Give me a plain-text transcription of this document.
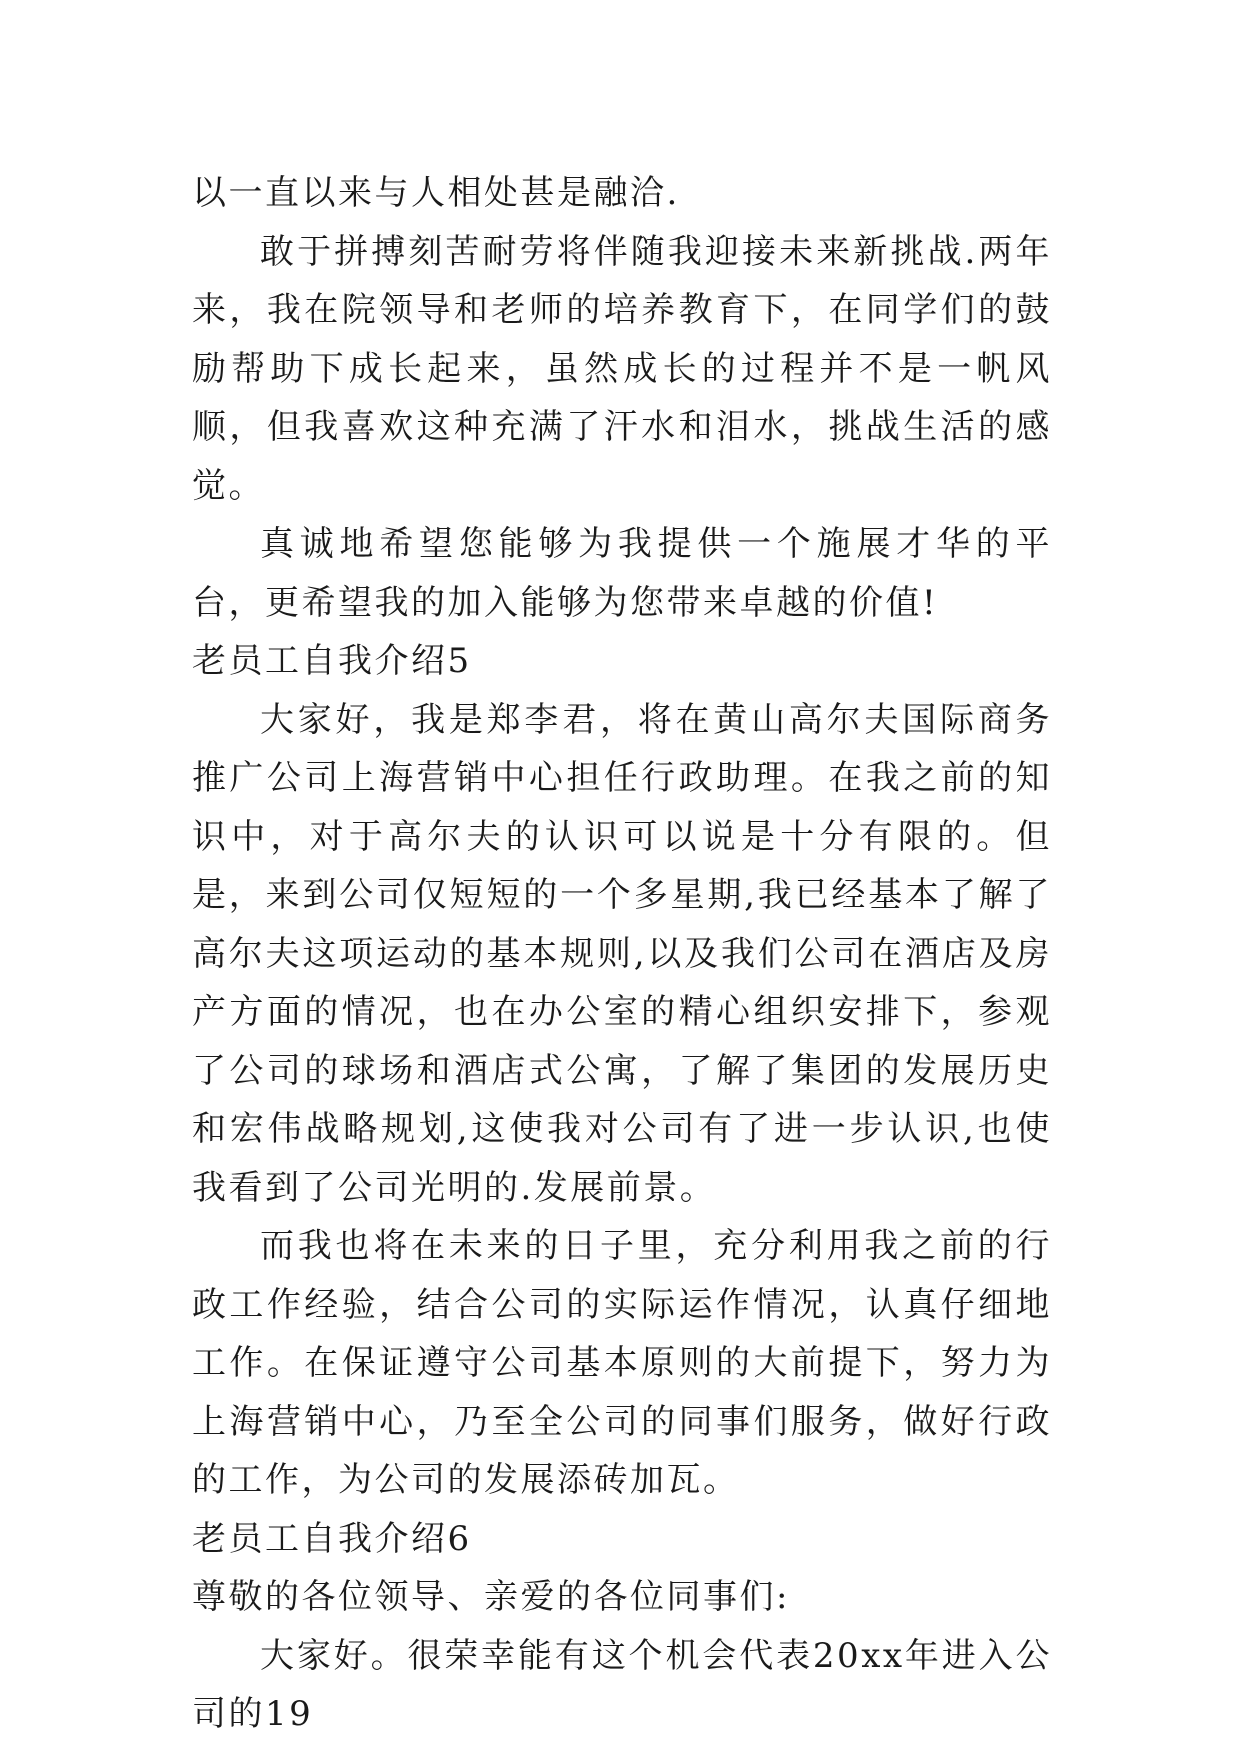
以一直以来与人相处甚是融洽.

敢于拼搏刻苦耐劳将伴随我迎接未来新挑战.两年来，我在院领导和老师的培养教育下，在同学们的鼓励帮助下成长起来，虽然成长的过程并不是一帆风顺，但我喜欢这种充满了汗水和泪水，挑战生活的感觉。

真诚地希望您能够为我提供一个施展才华的平台，更希望我的加入能够为您带来卓越的价值!

老员工自我介绍5

大家好，我是郑李君，将在黄山高尔夫国际商务推广公司上海营销中心担任行政助理。在我之前的知识中，对于高尔夫的认识可以说是十分有限的。但是，来到公司仅短短的一个多星期,我已经基本了解了高尔夫这项运动的基本规则,以及我们公司在酒店及房产方面的情况，也在办公室的精心组织安排下，参观了公司的球场和酒店式公寓，了解了集团的发展历史和宏伟战略规划,这使我对公司有了进一步认识,也使我看到了公司光明的.发展前景。

而我也将在未来的日子里，充分利用我之前的行政工作经验，结合公司的实际运作情况，认真仔细地工作。在保证遵守公司基本原则的大前提下，努力为上海营销中心，乃至全公司的同事们服务，做好行政的工作，为公司的发展添砖加瓦。

老员工自我介绍6

尊敬的各位领导、亲爱的各位同事们:

大家好。很荣幸能有这个机会代表20xx年进入公司的19
